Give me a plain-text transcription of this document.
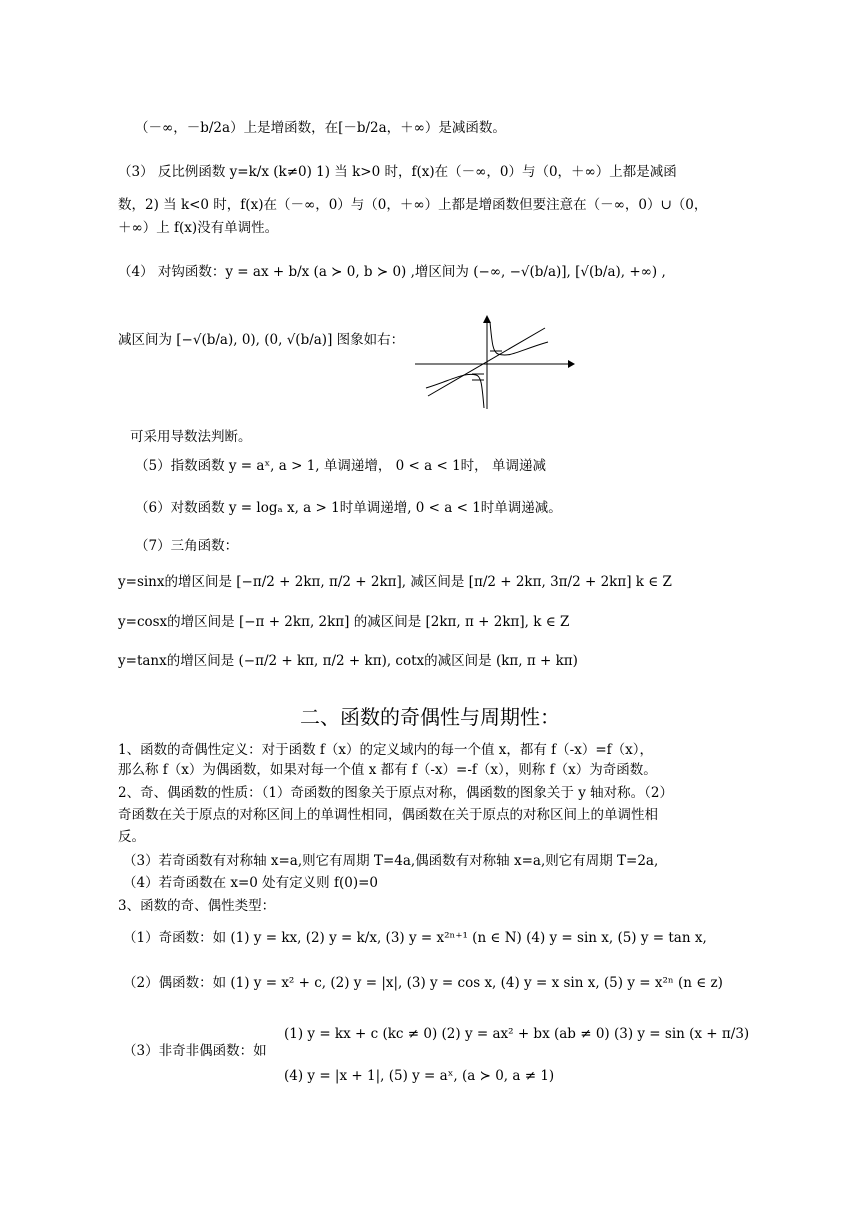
（－∞，－b/2a）上是增函数，在[－b/2a，＋∞）是减函数。
（3） 反比例函数 y=k/x (k≠0) 1) 当 k>0 时，f(x)在（－∞，0）与（0，＋∞）上都是减函
数，2) 当 k<0 时，f(x)在（－∞，0）与（0，＋∞）上都是增函数但要注意在（－∞，0）∪（0，
＋∞）上 f(x)没有单调性。
（4） 对钩函数：y = ax + b/x (a ≻ 0, b ≻ 0) ,增区间为 (−∞, −√(b/a)], [√(b/a), +∞) ,
减区间为 [−√(b/a), 0), (0, √(b/a)] 图象如右：
可采用导数法判断。
（5）指数函数 y = aˣ, a > 1, 单调递增， 0 < a < 1时， 单调递减
（6）对数函数 y = logₐ x, a > 1时单调递增, 0 < a < 1时单调递减。
（7）三角函数：
y=sinx的增区间是 [−π/2 + 2kπ, π/2 + 2kπ], 减区间是 [π/2 + 2kπ, 3π/2 + 2kπ] k ∈ Z
y=cosx的增区间是 [−π + 2kπ, 2kπ] 的减区间是 [2kπ, π + 2kπ], k ∈ Z
y=tanx的增区间是 (−π/2 + kπ, π/2 + kπ), cotx的减区间是 (kπ, π + kπ)
二、函数的奇偶性与周期性：
1、函数的奇偶性定义：对于函数 f（x）的定义域内的每一个值 x，都有 f（-x）=f（x），
那么称 f（x）为偶函数，如果对每一个值 x 都有 f（-x）=-f（x），则称 f（x）为奇函数。
2、奇、偶函数的性质：（1）奇函数的图象关于原点对称，偶函数的图象关于 y 轴对称。（2）
奇函数在关于原点的对称区间上的单调性相同，偶函数在关于原点的对称区间上的单调性相
反。
（3）若奇函数有对称轴 x=a,则它有周期 T=4a,偶函数有对称轴 x=a,则它有周期 T=2a,
（4）若奇函数在 x=0 处有定义则 f(0)=0
3、函数的奇、偶性类型：
（1）奇函数：如 (1) y = kx, (2) y = k/x, (3) y = x²ⁿ⁺¹ (n ∈ N) (4) y = sin x, (5) y = tan x,
（2）偶函数：如 (1) y = x² + c, (2) y = |x|, (3) y = cos x, (4) y = x sin x, (5) y = x²ⁿ (n ∈ z)
（3）非奇非偶函数：如
(1) y = kx + c (kc ≠ 0) (2) y = ax² + bx (ab ≠ 0) (3) y = sin (x + π/3)
(4) y = |x + 1|, (5) y = aˣ, (a ≻ 0, a ≠ 1)
